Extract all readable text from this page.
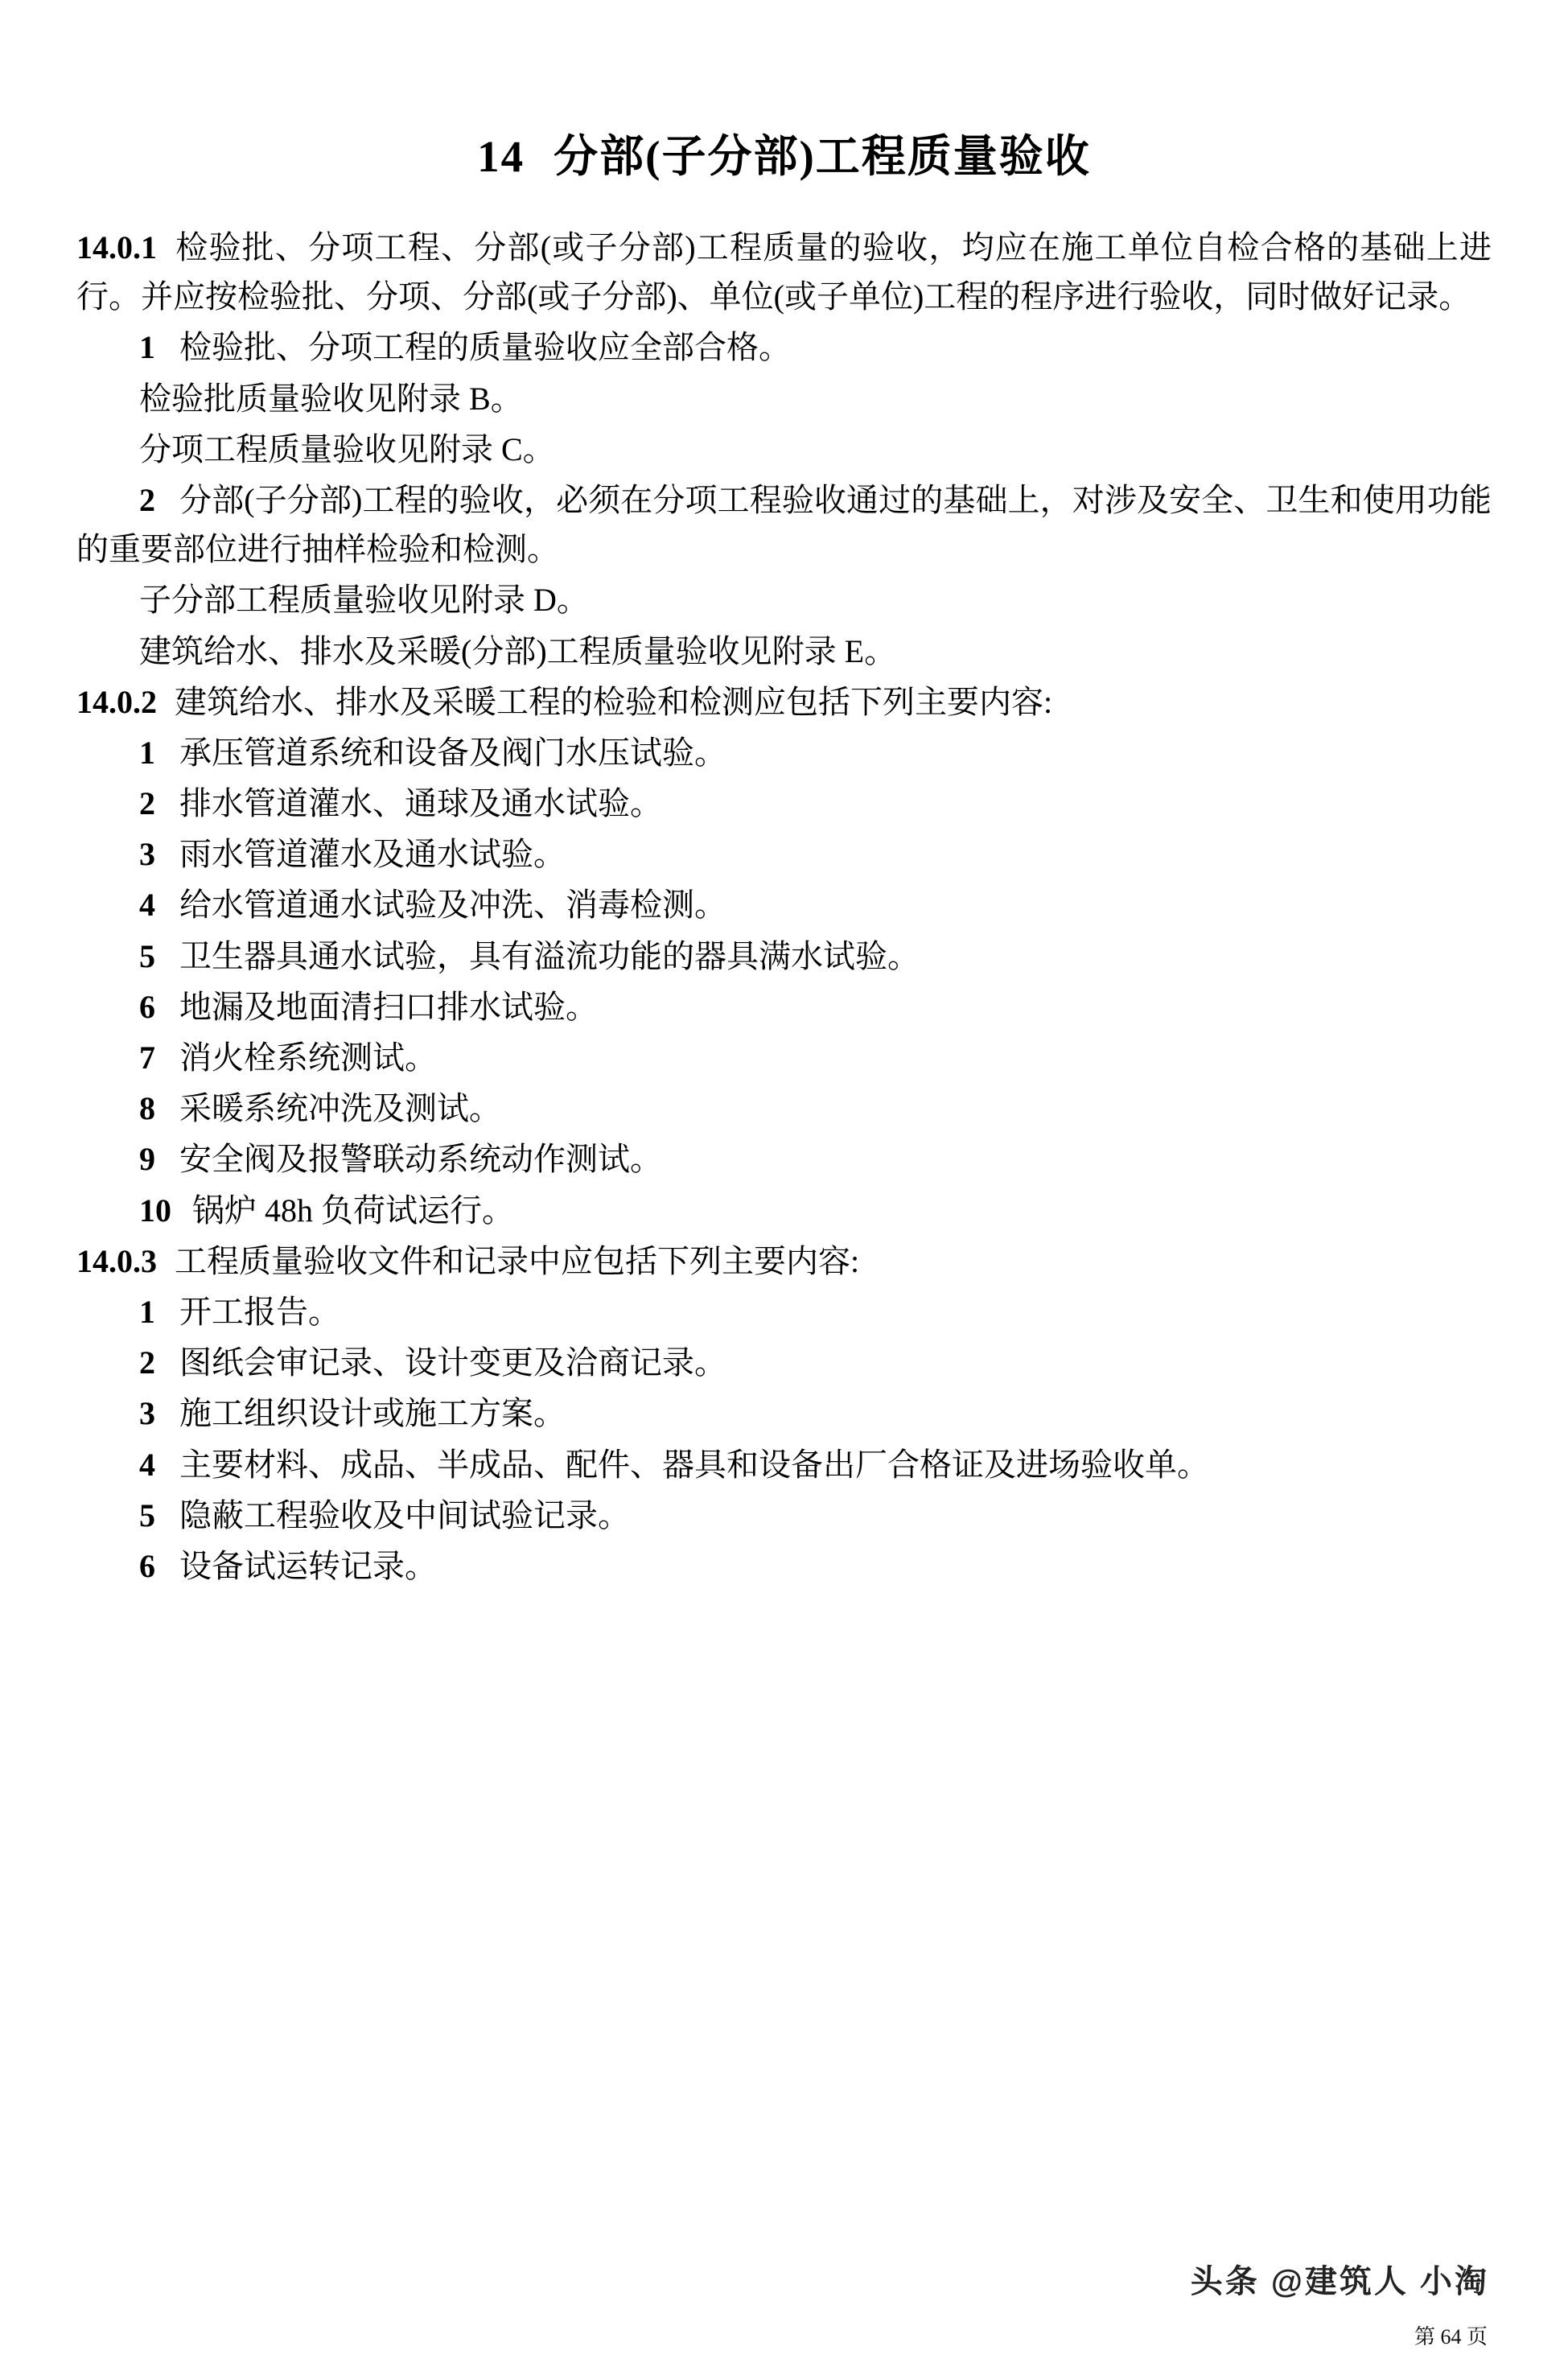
14 分部(子分部)工程质量验收

14.0.1 检验批、分项工程、分部(或子分部)工程质量的验收，均应在施工单位自检合格的基础上进行。并应按检验批、分项、分部(或子分部)、单位(或子单位)工程的程序进行验收，同时做好记录。

1 检验批、分项工程的质量验收应全部合格。

检验批质量验收见附录 B。

分项工程质量验收见附录 C。

2 分部(子分部)工程的验收，必须在分项工程验收通过的基础上，对涉及安全、卫生和使用功能的重要部位进行抽样检验和检测。

子分部工程质量验收见附录 D。

建筑给水、排水及采暖(分部)工程质量验收见附录 E。

14.0.2 建筑给水、排水及采暖工程的检验和检测应包括下列主要内容:

1 承压管道系统和设备及阀门水压试验。

2 排水管道灌水、通球及通水试验。

3 雨水管道灌水及通水试验。

4 给水管道通水试验及冲洗、消毒检测。

5 卫生器具通水试验，具有溢流功能的器具满水试验。

6 地漏及地面清扫口排水试验。

7 消火栓系统测试。

8 采暖系统冲洗及测试。

9 安全阀及报警联动系统动作测试。

10 锅炉 48h 负荷试运行。

14.0.3 工程质量验收文件和记录中应包括下列主要内容:

1 开工报告。

2 图纸会审记录、设计变更及洽商记录。

3 施工组织设计或施工方案。

4 主要材料、成品、半成品、配件、器具和设备出厂合格证及进场验收单。

5 隐蔽工程验收及中间试验记录。

6 设备试运转记录。

头条 @建筑人 小淘
第 64 页
